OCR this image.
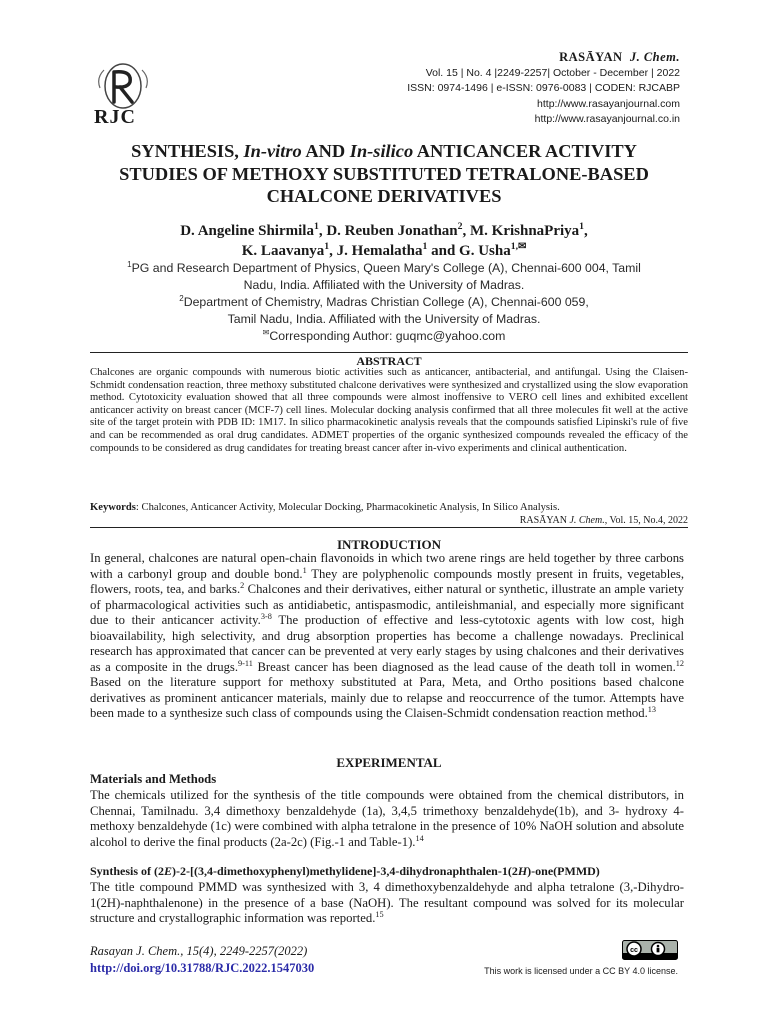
RJC
RASĀYAN J. Chem.
Vol. 15 | No. 4 |2249-2257| October - December | 2022
ISSN: 0974-1496 | e-ISSN: 0976-0083 | CODEN: RJCABP
http://www.rasayanjournal.com
http://www.rasayanjournal.co.in
SYNTHESIS, In-vitro AND In-silico ANTICANCER ACTIVITY
STUDIES OF METHOXY SUBSTITUTED TETRALONE-BASED
CHALCONE DERIVATIVES
D. Angeline Shirmila$^1$, D. Reuben Jonathan$^2$, M. KrishnaPriya$^1$,
K. Laavanya$^1$, J. Hemalatha$^1$ and G. Usha$^{1,✉}$
$^1$PG and Research Department of Physics, Queen Mary's College (A), Chennai-600 004, Tamil
Nadu, India. Affiliated with the University of Madras.
$^2$Department of Chemistry, Madras Christian College (A), Chennai-600 059,
Tamil Nadu, India. Affiliated with the University of Madras.
✉Corresponding Author: guqmc@yahoo.com
ABSTRACT
Chalcones are organic compounds with numerous biotic activities such as anticancer, antibacterial, and antifungal. Using the Claisen-Schmidt condensation reaction, three methoxy substituted chalcone derivatives were synthesized and crystallized using the slow evaporation method. Cytotoxicity evaluation showed that all three compounds were almost inoffensive to VERO cell lines and exhibited excellent anticancer activity on breast cancer (MCF-7) cell lines. Molecular docking analysis confirmed that all three molecules fit well at the active site of the target protein with PDB ID: 1M17. In silico pharmacokinetic analysis reveals that the compounds satisfied Lipinski's rule of five and can be recommended as oral drug candidates. ADMET properties of the organic synthesized compounds revealed the efficacy of the compounds to be considered as drug candidates for treating breast cancer after in-vivo experiments and clinical authentication.
Keywords: Chalcones, Anticancer Activity, Molecular Docking, Pharmacokinetic Analysis, In Silico Analysis.
RASĀYAN J. Chem., Vol. 15, No.4, 2022
INTRODUCTION
In general, chalcones are natural open-chain flavonoids in which two arene rings are held together by three carbons with a carbonyl group and double bond.$^1$ They are polyphenolic compounds mostly present in fruits, vegetables, flowers, roots, tea, and barks.$^2$ Chalcones and their derivatives, either natural or synthetic, illustrate an ample variety of pharmacological activities such as antidiabetic, antispasmodic, antileishmanial, and especially more significant due to their anticancer activity.$^{3-8}$ The production of effective and less-cytotoxic agents with low cost, high bioavailability, high selectivity, and drug absorption properties has become a challenge nowadays. Preclinical research has approximated that cancer can be prevented at very early stages by using chalcones and their derivatives as a composite in the drugs.$^{9-11}$ Breast cancer has been diagnosed as the lead cause of the death toll in women.$^{12}$ Based on the literature support for methoxy substituted at Para, Meta, and Ortho positions based chalcone derivatives as prominent anticancer materials, mainly due to relapse and reoccurrence of the tumor. Attempts have been made to a synthesize such class of compounds using the Claisen-Schmidt condensation reaction method.$^{13}$
EXPERIMENTAL
Materials and Methods
The chemicals utilized for the synthesis of the title compounds were obtained from the chemical distributors, in Chennai, Tamilnadu. 3,4 dimethoxy benzaldehyde (1a), 3,4,5 trimethoxy benzaldehyde(1b), and 3- hydroxy 4- methoxy benzaldehyde (1c) were combined with alpha tetralone in the presence of 10% NaOH solution and absolute alcohol to derive the final products (2a-2c) (Fig.-1 and Table-1).$^{14}$
Synthesis of (2E)-2-[(3,4-dimethoxyphenyl)methylidene]-3,4-dihydronaphthalen-1(2H)-one(PMMD)
The title compound PMMD was synthesized with 3, 4 dimethoxybenzaldehyde and alpha tetralone (3,-Dihydro-1(2H)-naphthalenone) in the presence of a base (NaOH). The resultant compound was solved for its molecular structure and crystallographic information was reported.$^{15}$
Rasayan J. Chem., 15(4), 2249-2257(2022)
http://doi.org/10.31788/RJC.2022.1547030
cc
This work is licensed under a CC BY 4.0 license.
